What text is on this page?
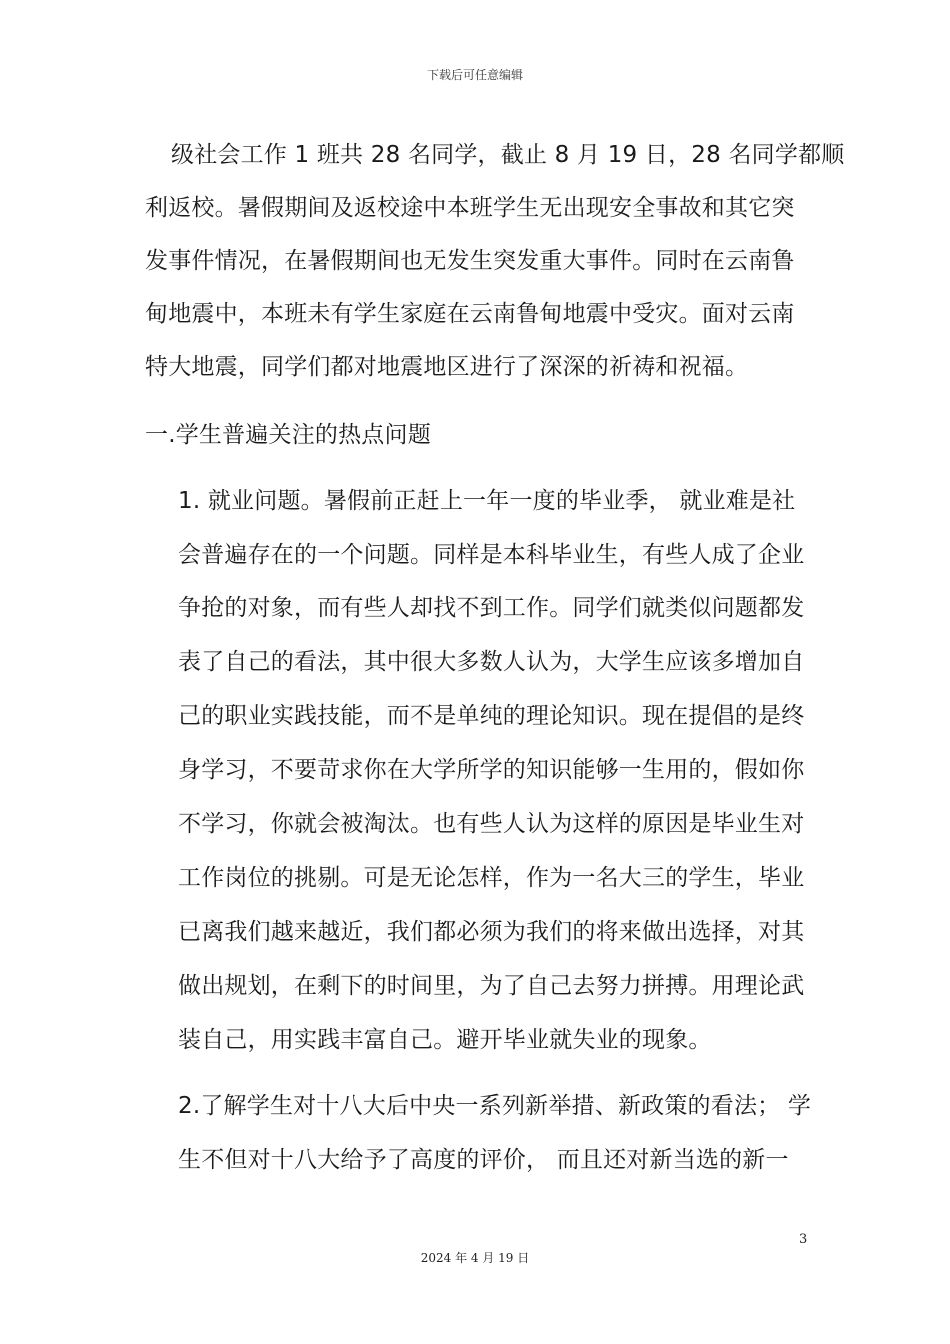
下载后可任意编辑
级社会工作 1 班共 28 名同学，截止 8 月 19 日，28 名同学都顺
利返校。暑假期间及返校途中本班学生无出现安全事故和其它突
发事件情况，在暑假期间也无发生突发重大事件。同时在云南鲁
甸地震中，本班未有学生家庭在云南鲁甸地震中受灾。面对云南
特大地震，同学们都对地震地区进行了深深的祈祷和祝福。
一.学生普遍关注的热点问题
1. 就业问题。暑假前正赶上一年一度的毕业季， 就业难是社
会普遍存在的一个问题。同样是本科毕业生，有些人成了企业
争抢的对象，而有些人却找不到工作。同学们就类似问题都发
表了自己的看法，其中很大多数人认为，大学生应该多增加自
己的职业实践技能，而不是单纯的理论知识。现在提倡的是终
身学习，不要苛求你在大学所学的知识能够一生用的，假如你
不学习，你就会被淘汰。也有些人认为这样的原因是毕业生对
工作岗位的挑剔。可是无论怎样，作为一名大三的学生，毕业
已离我们越来越近，我们都必须为我们的将来做出选择，对其
做出规划，在剩下的时间里，为了自己去努力拼搏。用理论武
装自己，用实践丰富自己。避开毕业就失业的现象。
2.了解学生对十八大后中央一系列新举措、新政策的看法； 学
生不但对十八大给予了高度的评价， 而且还对新当选的新一
3
2024 年 4 月 19 日
